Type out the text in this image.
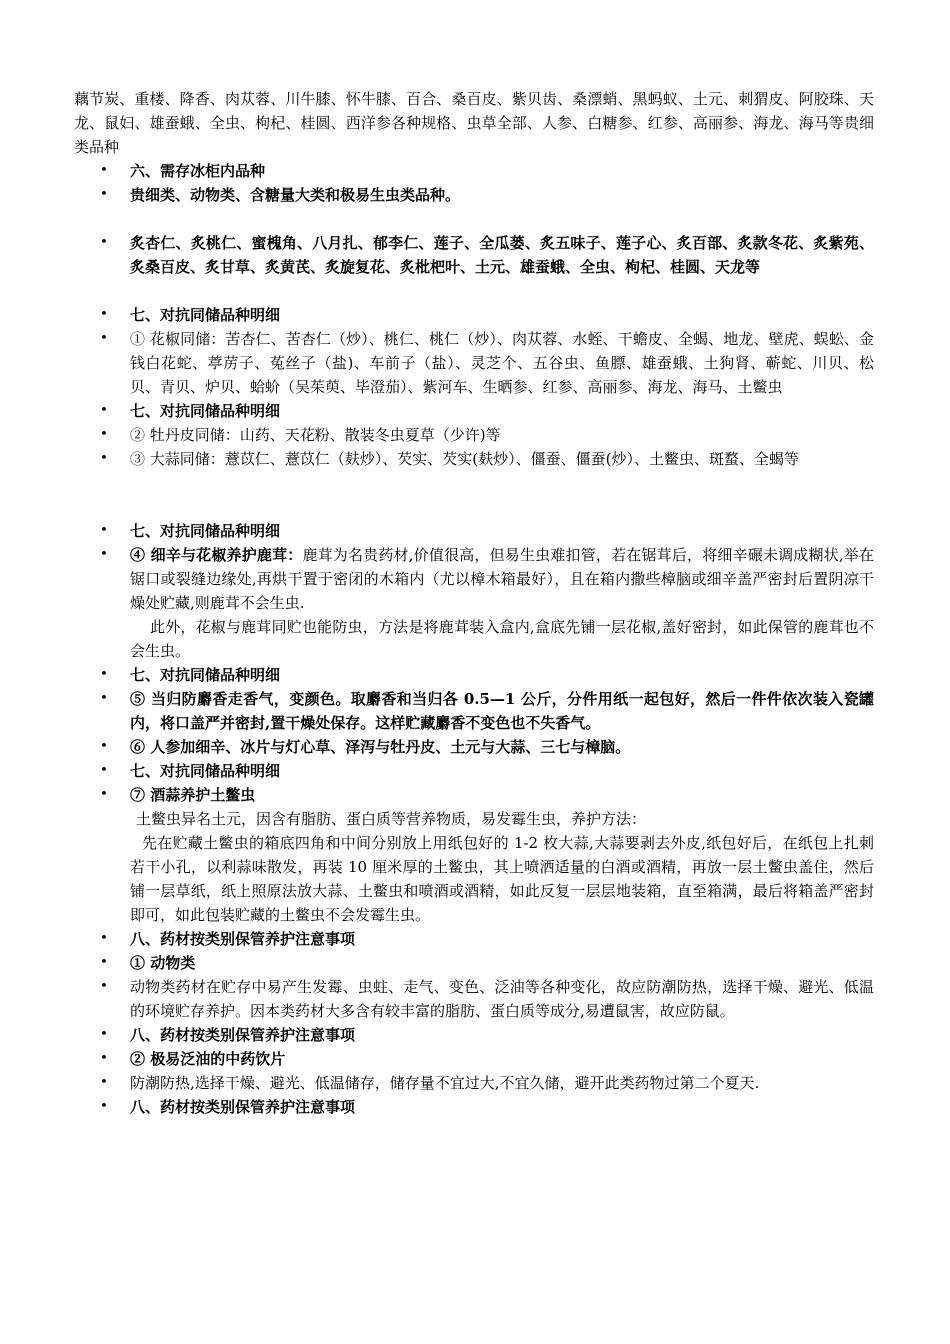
藕节炭、重楼、降香、肉苁蓉、川牛膝、怀牛膝、百合、桑百皮、紫贝齿、桑漂蛸、黑蚂蚁、土元、刺猬皮、阿胶珠、天龙、鼠妇、雄蚕蛾、全虫、枸杞、桂圆、西洋参各种规格、虫草全部、人参、白糖参、红参、高丽参、海龙、海马等贵细类品种

• 六、需存冰柜内品种
• 贵细类、动物类、含糖量大类和极易生虫类品种。
• 炙杏仁、炙桃仁、蜜槐角、八月扎、郁李仁、莲子、全瓜蒌、炙五味子、莲子心、炙百部、炙款冬花、炙紫苑、炙桑百皮、炙甘草、炙黄芪、炙旋复花、炙枇杷叶、土元、雄蚕蛾、全虫、枸杞、桂圆、天龙等
• 七、对抗同储品种明细
• ① 花椒同储：苦杏仁、苦杏仁（炒）、桃仁、桃仁（炒）、肉苁蓉、水蛭、干蟾皮、全蝎、地龙、壁虎、蜈蚣、金钱白花蛇、葶苈子、菟丝子（盐)、车前子（盐）、灵芝个、五谷虫、鱼膘、雄蚕蛾、土狗肾、蕲蛇、川贝、松贝、青贝、炉贝、蛤蚧（吴茱萸、毕澄茄）、紫河车、生晒参、红参、高丽参、海龙、海马、土鳖虫
• 七、对抗同储品种明细
• ② 牡丹皮同储：山药、天花粉、散装冬虫夏草（少许)等
• ③ 大蒜同储：薏苡仁、薏苡仁（麸炒）、芡实、芡实(麸炒）、僵蚕、僵蚕(炒）、土鳖虫、斑蝥、全蝎等
• 七、对抗同储品种明细
• ④ 细辛与花椒养护鹿茸：鹿茸为名贵药材,价值很高，但易生虫难扣管，若在锯茸后，将细辛碾未调成糊状,举在锯口或裂缝边缘处,再烘干置于密闭的木箱内（尤以樟木箱最好），且在箱内撒些樟脑或细辛盖严密封后置阴凉干燥处贮藏,则鹿茸不会生虫.
此外，花椒与鹿茸同贮也能防虫，方法是将鹿茸装入盒内,盒底先铺一层花椒,盖好密封，如此保管的鹿茸也不会生虫。
• 七、对抗同储品种明细
• ⑤ 当归防麝香走香气，变颜色。取麝香和当归各 0.5—1 公斤，分件用纸一起包好，然后一件件依次装入瓷罐内，将口盖严并密封,置干燥处保存。这样贮藏麝香不变色也不失香气。
• ⑥ 人参加细辛、冰片与灯心草、泽泻与牡丹皮、土元与大蒜、三七与樟脑。
• 七、对抗同储品种明细
• ⑦ 酒蒜养护土鳖虫
土鳖虫异名土元，因含有脂肪、蛋白质等营养物质，易发霉生虫，养护方法：
先在贮藏土鳖虫的箱底四角和中间分别放上用纸包好的 1-2 枚大蒜,大蒜要剥去外皮,纸包好后，在纸包上扎刺若干小孔，以利蒜味散发，再装 10 厘米厚的土鳖虫，其上喷洒适量的白酒或酒精，再放一层土鳖虫盖住，然后铺一层草纸，纸上照原法放大蒜、土鳖虫和喷酒或酒精，如此反复一层层地装箱，直至箱满，最后将箱盖严密封即可，如此包装贮藏的土鳖虫不会发霉生虫。
• 八、药材按类别保管养护注意事项
• ① 动物类
• 动物类药材在贮存中易产生发霉、虫蛀、走气、变色、泛油等各种变化，故应防潮防热，选择干燥、避光、低温的环境贮存养护。因本类药材大多含有较丰富的脂肪、蛋白质等成分,易遭鼠害，故应防鼠。
• 八、药材按类别保管养护注意事项
• ② 极易泛油的中药饮片
• 防潮防热,选择干燥、避光、低温储存，储存量不宜过大,不宜久储，避开此类药物过第二个夏天.
• 八、药材按类别保管养护注意事项
